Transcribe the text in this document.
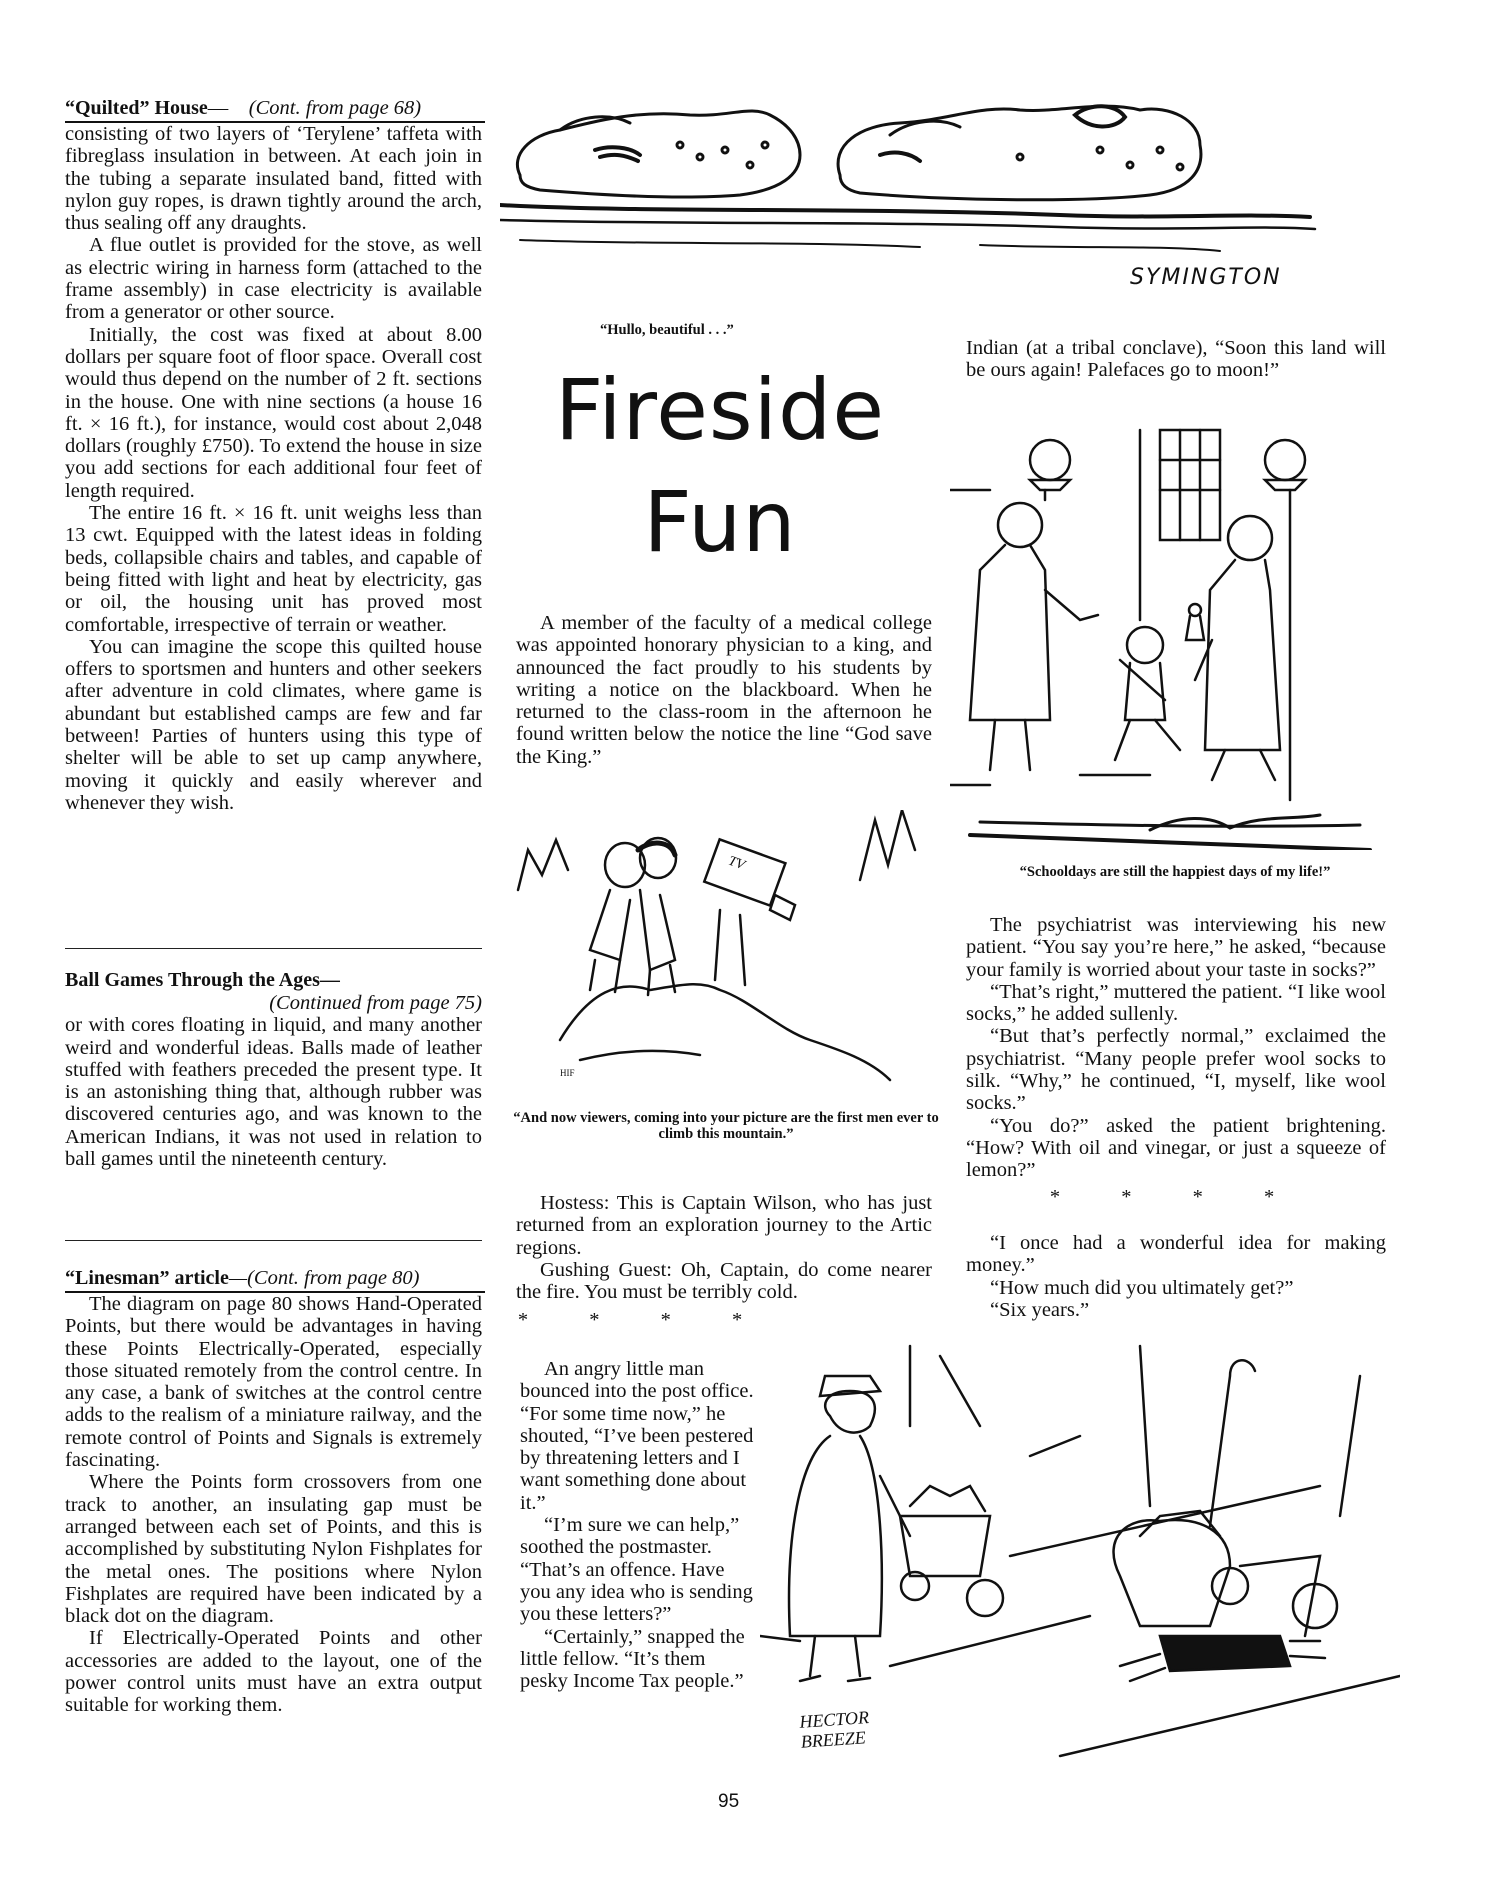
“Quilted” House—    (Cont. from page 68)

consisting of two layers of ‘Terylene’ taffeta with fibreglass insulation in between. At each join in the tubing a separate insulated band, fitted with nylon guy ropes, is drawn tightly around the arch, thus sealing off any draughts.

A flue outlet is provided for the stove, as well as electric wiring in harness form (attached to the frame assembly) in case electricity is available from a generator or other source.

Initially, the cost was fixed at about 8.00 dollars per square foot of floor space. Overall cost would thus depend on the number of 2 ft. sections in the house. One with nine sections (a house 16 ft. × 16 ft.), for instance, would cost about 2,048 dollars (roughly £750). To extend the house in size you add sections for each additional four feet of length required.

The entire 16 ft. × 16 ft. unit weighs less than 13 cwt. Equipped with the latest ideas in folding beds, collapsible chairs and tables, and capable of being fitted with light and heat by electricity, gas or oil, the housing unit has proved most comfortable, irrespective of terrain or weather.

You can imagine the scope this quilted house offers to sportsmen and hunters and other seekers after adventure in cold climates, where game is abundant but established camps are few and far between! Parties of hunters using this type of shelter will be able to set up camp anywhere, moving it quickly and easily wherever and whenever they wish.

Ball Games Through the Ages—

(Continued from page 75)

or with cores floating in liquid, and many another weird and wonderful ideas. Balls made of leather stuffed with feathers preceded the present type. It is an astonishing thing that, although rubber was discovered centuries ago, and was known to the American Indians, it was not used in relation to ball games until the nineteenth century.

“Linesman” article—(Cont. from page 80)

The diagram on page 80 shows Hand-Operated Points, but there would be advantages in having these Points Electrically-Operated, especially those situated remotely from the control centre. In any case, a bank of switches at the control centre adds to the realism of a miniature railway, and the remote control of Points and Signals is extremely fascinating.

Where the Points form crossovers from one track to another, an insulating gap must be arranged between each set of Points, and this is accomplished by substituting Nylon Fishplates for the metal ones. The positions where Nylon Fishplates are required have been indicated by a black dot on the diagram.

If Electrically-Operated Points and other accessories are added to the layout, one of the power control units must have an extra output suitable for working them.

SYMINGTON
“Hullo, beautiful . . .”
Fireside
Fun

A member of the faculty of a medical college was appointed honorary physician to a king, and announced the fact proudly to his students by writing a notice on the blackboard. When he returned to the class-room in the afternoon he found written below the notice the line “God save the King.”

TV
HIF
“And now viewers, coming into your picture are the first men ever to climb this mountain.”

Hostess: This is Captain Wilson, who has just returned from an exploration journey to the Artic regions.

Gushing Guest: Oh, Captain, do come nearer the fire. You must be terribly cold.

* * * *

An angry little man bounced into the post office. “For some time now,” he shouted, “I’ve been pestered by threatening letters and I want something done about it.”

“I’m sure we can help,” soothed the postmaster. “That’s an offence. Have you any idea who is sending you these letters?”

“Certainly,” snapped the little fellow. “It’s them pesky Income Tax people.”

Indian (at a tribal conclave), “Soon this land will be ours again! Palefaces go to moon!”

“Schooldays are still the happiest days of my life!”

The psychiatrist was interviewing his new patient. “You say you’re here,” he asked, “because your family is worried about your taste in socks?”

“That’s right,” muttered the patient. “I like wool socks,” he added sullenly.

“But that’s perfectly normal,” exclaimed the psychiatrist. “Many people prefer wool socks to silk. “Why,” he continued, “I, myself, like wool socks.”

“You do?” asked the patient brightening. “How? With oil and vinegar, or just a squeeze of lemon?”

* * * *

“I once had a wonderful idea for making money.”

“How much did you ultimately get?”

“Six years.”

HECTOR BREEZE
95
